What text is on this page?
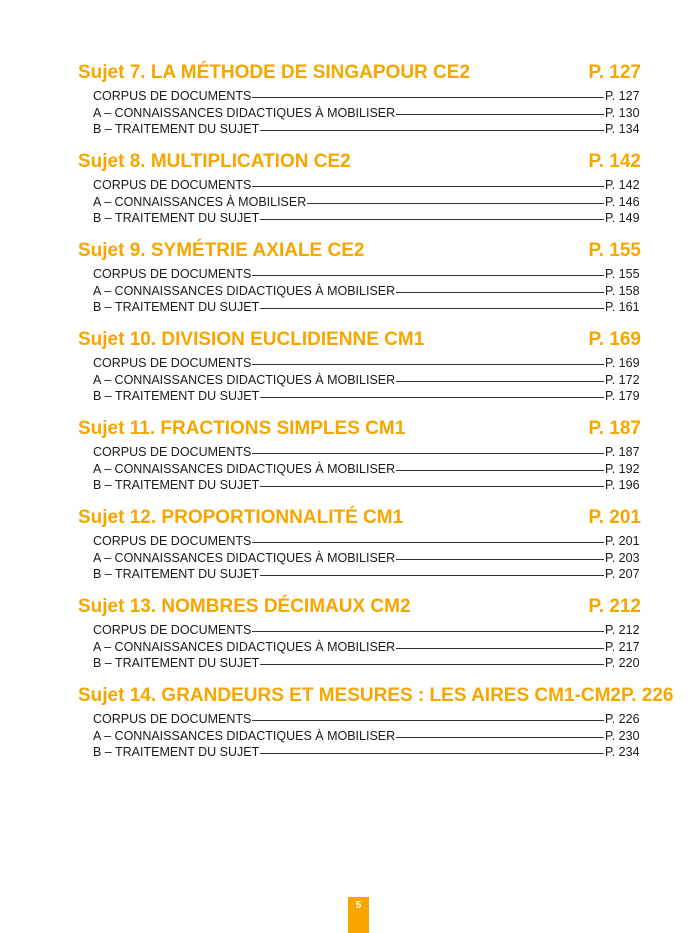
Sujet 7. LA MÉTHODE DE SINGAPOUR CE2	P. 127
CORPUS DE DOCUMENTS	P. 127
A – CONNAISSANCES DIDACTIQUES À MOBILISER	P. 130
B – TRAITEMENT DU SUJET	P. 134
Sujet 8. MULTIPLICATION CE2	P. 142
CORPUS DE DOCUMENTS	P. 142
A – CONNAISSANCES À MOBILISER	P. 146
B – TRAITEMENT DU SUJET	P. 149
Sujet 9. SYMÉTRIE AXIALE CE2	P. 155
CORPUS DE DOCUMENTS	P. 155
A – CONNAISSANCES DIDACTIQUES À MOBILISER	P. 158
B – TRAITEMENT DU SUJET	P. 161
Sujet 10. DIVISION EUCLIDIENNE CM1	P. 169
CORPUS DE DOCUMENTS	P. 169
A – CONNAISSANCES DIDACTIQUES À MOBILISER	P. 172
B – TRAITEMENT DU SUJET	P. 179
Sujet 11. FRACTIONS SIMPLES CM1	P. 187
CORPUS DE DOCUMENTS	P. 187
A – CONNAISSANCES DIDACTIQUES À MOBILISER	P. 192
B – TRAITEMENT DU SUJET	P. 196
Sujet 12. PROPORTIONNALITÉ CM1	P. 201
CORPUS DE DOCUMENTS	P. 201
A – CONNAISSANCES DIDACTIQUES À MOBILISER	P. 203
B – TRAITEMENT DU SUJET	P. 207
Sujet 13. NOMBRES DÉCIMAUX CM2	P. 212
CORPUS DE DOCUMENTS	P. 212
A – CONNAISSANCES DIDACTIQUES À MOBILISER	P. 217
B – TRAITEMENT DU SUJET	P. 220
Sujet 14. GRANDEURS ET MESURES : LES AIRES CM1-CM2 P. 226
CORPUS DE DOCUMENTS	P. 226
A – CONNAISSANCES DIDACTIQUES À MOBILISER	P. 230
B – TRAITEMENT DU SUJET	P. 234
5
